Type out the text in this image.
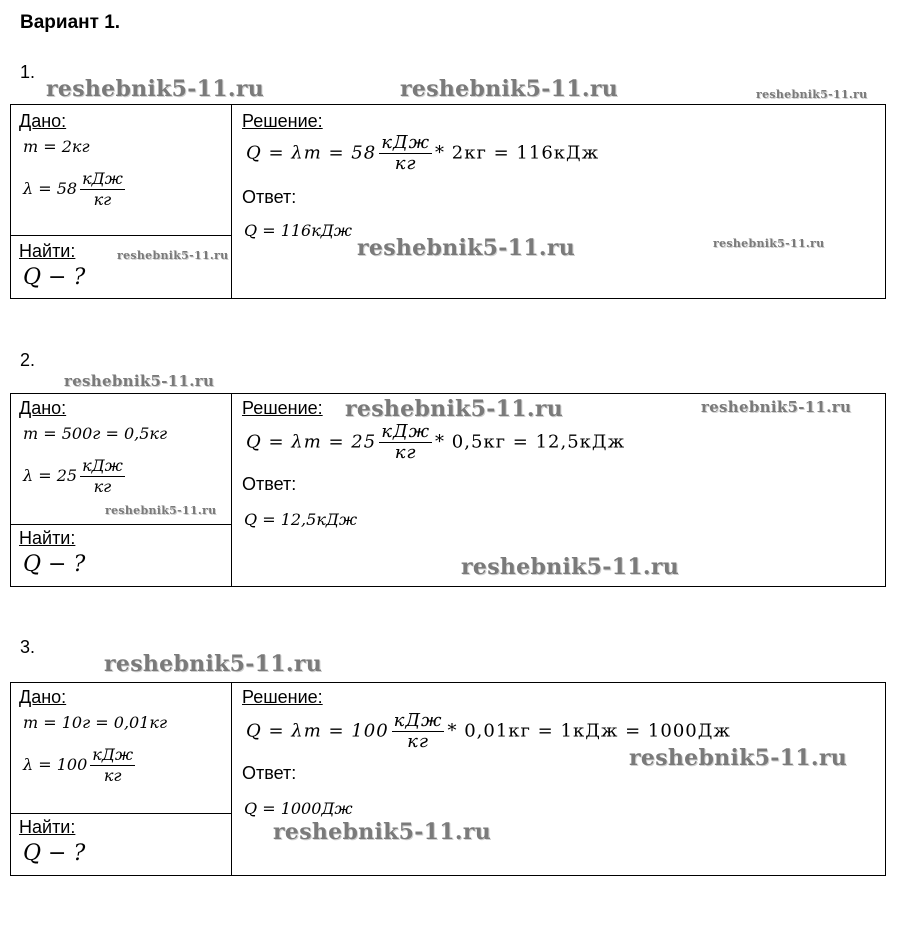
Вариант 1.
1.
reshebnik5-11.ru	reshebnik5-11.ru	reshebnik5-11.ru
Дано:
m = 2кг
$\lambda = 58 \frac{\text{кДж}}{кг}$
Найти:
Q − ?
reshebnik5-11.ru
Решение:
$Q = \lambda m = 58 \frac{\text{кДж}}{кг} * 2кг = 116кДж$
Ответ:
Q = 116кДж
reshebnik5-11.ru	reshebnik5-11.ru
2.
reshebnik5-11.ru
Дано:
m = 500г = 0,5кг
$\lambda = 25 \frac{\text{кДж}}{кг}$
reshebnik5-11.ru
Найти:
Q − ?
Решение: reshebnik5-11.ru	reshebnik5-11.ru
$Q = \lambda m = 25 \frac{\text{кДж}}{кг} * 0,5кг = 12,5кДж$
Ответ:
Q = 12,5кДж
reshebnik5-11.ru
3.
reshebnik5-11.ru
Дано:
m = 10г = 0,01кг
$\lambda = 100 \frac{\text{кДж}}{кг}$
Найти:
Q − ?
Решение:
$Q = \lambda m = 100 \frac{\text{кДж}}{кг} * 0,01кг = 1кДж = 1000Дж$
reshebnik5-11.ru
Ответ:
Q = 1000Дж
reshebnik5-11.ru
